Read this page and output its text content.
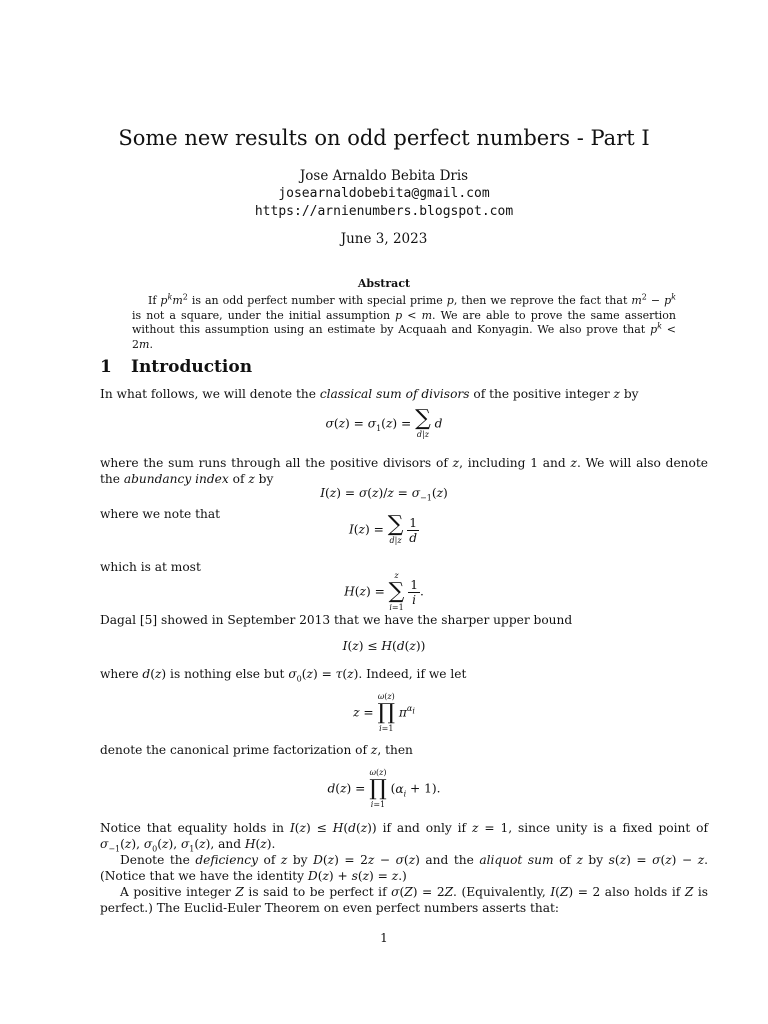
Some new results on odd perfect numbers - Part I
Jose Arnaldo Bebita Dris
josearnaldobebita@gmail.com
https://arnienumbers.blogspot.com
June 3, 2023
Abstract
If $p^km^2$ is an odd perfect number with special prime p, then we reprove the fact that $m^2 - p^k$ is not a square, under the initial assumption p < m. We are able to prove the same assertion without this assumption using an estimate by Acquaah and Konyagin. We also prove that $p^k < 2m$.
1 Introduction
In what follows, we will denote the classical sum of divisors of the positive integer z by
$\sigma(z) = \sigma_1(z)$ = ∑
d|z
d
where the sum runs through all the positive divisors of z, including 1 and z. We will also denote the abundancy index of z by
$I(z) = \sigma(z)/z = \sigma_{-1}(z)$
where we note that
I(z) = ∑
d|z
$\frac{1}{d}$
which is at most
H(z) =
z
∑
i=1

$\frac{1}{i}$ .
Dagal [5] showed in September 2013 that we have the sharper upper bound
I(z) ≤ H(d(z))
where d(z) is nothing else but $\sigma_0(z) = \tau(z)$. Indeed, if we let
z =
ω(z)
∏
i=1
$\pi^{\alpha_i}$
denote the canonical prime factorization of z, then
d(z) =
ω(z)
∏
i=1
$(\alpha_i + 1)$.
Notice that equality holds in I(z) ≤ H(d(z)) if and only if z = 1, since unity is a fixed point of $\sigma_{-1}(z)$, $\sigma_0(z)$, $\sigma_1(z)$, and H(z).
Denote the deficiency of z by D(z) = 2z − σ(z) and the aliquot sum of z by s(z) = σ(z) − z. (Notice that we have the identity D(z) + s(z) = z.)
A positive integer Z is said to be perfect if σ(Z) = 2Z. (Equivalently, I(Z) = 2 also holds if Z is perfect.) The Euclid-Euler Theorem on even perfect numbers asserts that:
1
